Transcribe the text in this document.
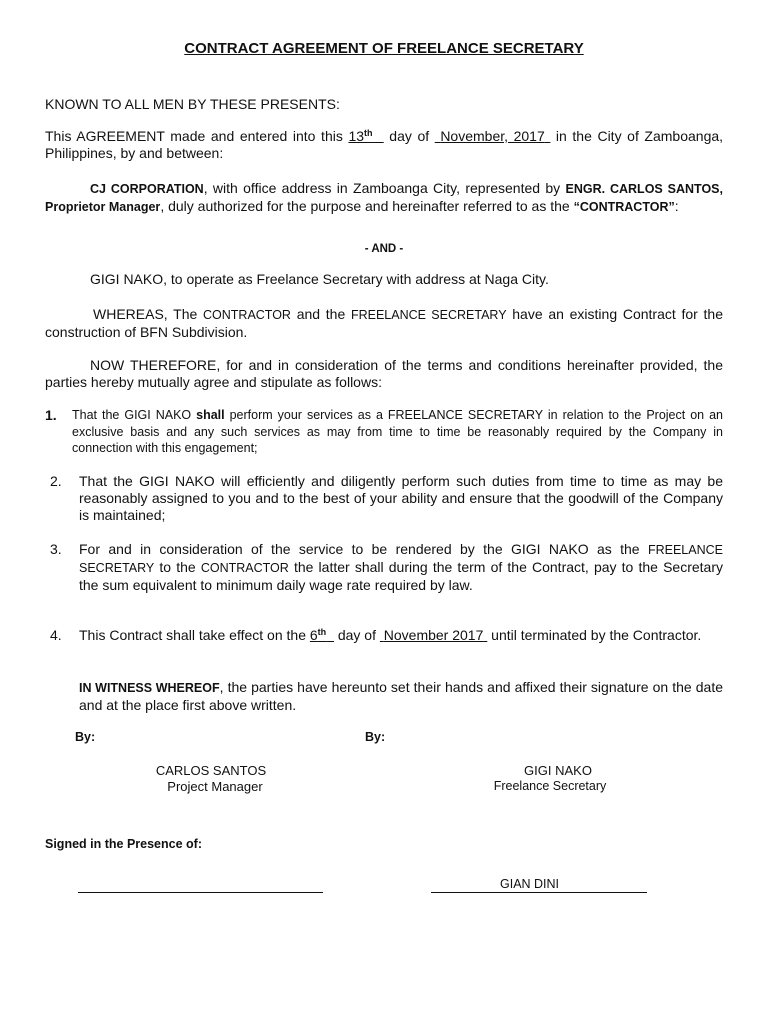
CONTRACT AGREEMENT OF FREELANCE SECRETARY
KNOWN TO ALL MEN BY THESE PRESENTS:
This AGREEMENT made and entered into this 13th   day of  November, 2017  in the City of Zamboanga, Philippines, by and between:
CJ CORPORATION, with office address in Zamboanga City, represented by ENGR. CARLOS SANTOS, Proprietor Manager, duly authorized for the purpose and hereinafter referred to as the “CONTRACTOR”:
- AND -
GIGI NAKO, to operate as Freelance Secretary with address at Naga City.
WHEREAS, The CONTRACTOR and the FREELANCE SECRETARY have an existing Contract for the construction of BFN Subdivision.
NOW THEREFORE, for and in consideration of the terms and conditions hereinafter provided, the parties hereby mutually agree and stipulate as follows:
1. That the GIGI NAKO shall perform your services as a FREELANCE SECRETARY in relation to the Project on an exclusive basis and any such services as may from time to time be reasonably required by the Company in connection with this engagement;
2. That the GIGI NAKO will efficiently and diligently perform such duties from time to time as may be reasonably assigned to you and to the best of your ability and ensure that the goodwill of the Company is maintained;
3. For and in consideration of the service to be rendered by the GIGI NAKO as the FREELANCE SECRETARY to the CONTRACTOR the latter shall during the term of the Contract, pay to the Secretary the sum equivalent to minimum daily wage rate required by law.
4. This Contract shall take effect on the 6th   day of  November 2017  until terminated by the Contractor.
IN WITNESS WHEREOF, the parties have hereunto set their hands and affixed their signature on the date and at the place first above written.
By:	By:
CARLOS SANTOS
Project Manager
GIGI NAKO
Freelance Secretary
Signed in the Presence of:
GIAN DINI
